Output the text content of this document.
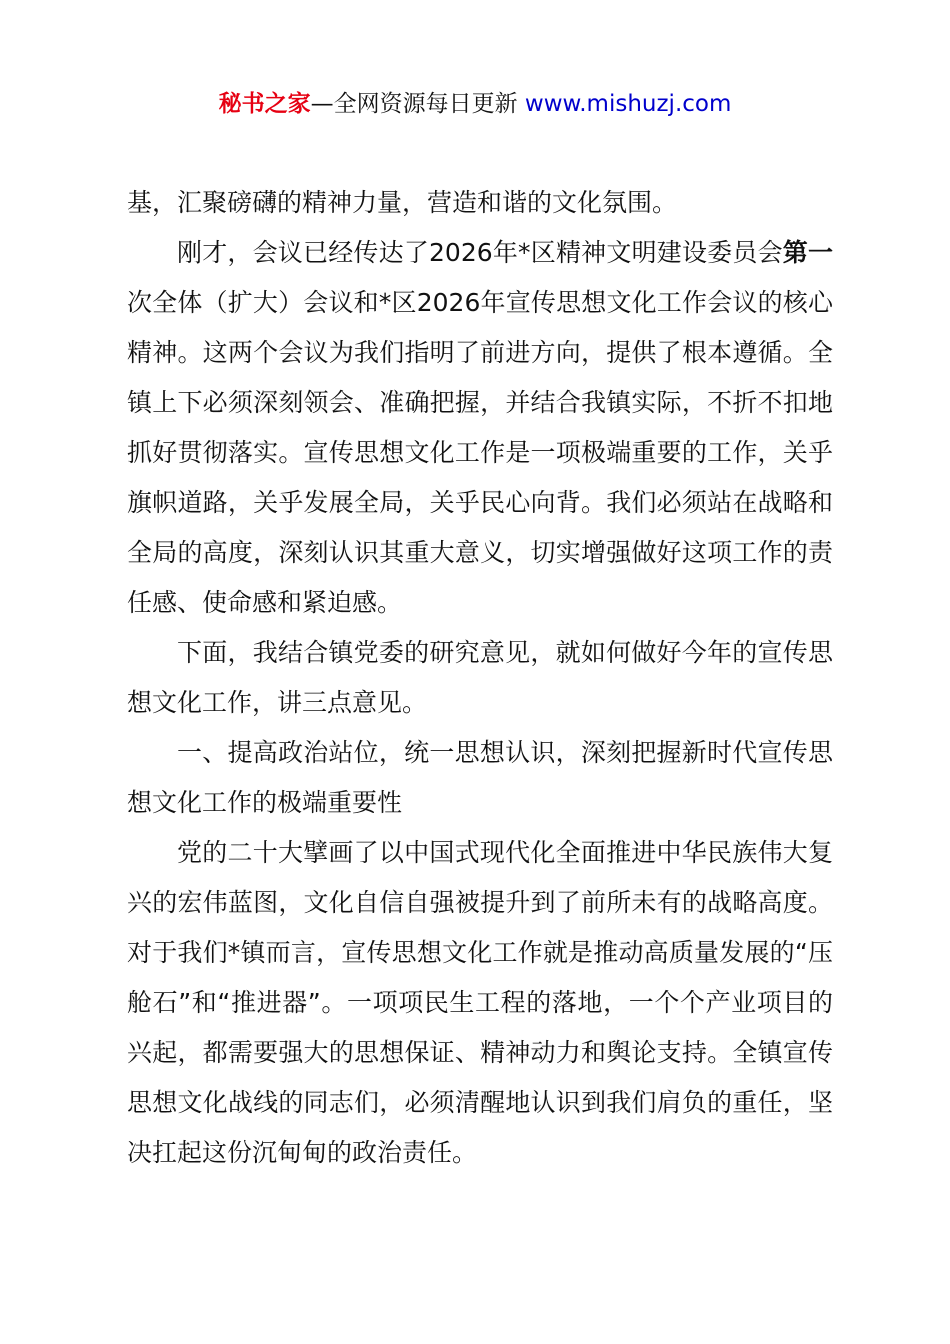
秘书之家—全网资源每日更新 www.mishuzj.com

基，汇聚磅礴的精神力量，营造和谐的文化氛围。

刚才，会议已经传达了2026年*区精神文明建设委员会第一次全体（扩大）会议和*区2026年宣传思想文化工作会议的核心精神。这两个会议为我们指明了前进方向，提供了根本遵循。全镇上下必须深刻领会、准确把握，并结合我镇实际，不折不扣地抓好贯彻落实。宣传思想文化工作是一项极端重要的工作，关乎旗帜道路，关乎发展全局，关乎民心向背。我们必须站在战略和全局的高度，深刻认识其重大意义，切实增强做好这项工作的责任感、使命感和紧迫感。

下面，我结合镇党委的研究意见，就如何做好今年的宣传思想文化工作，讲三点意见。

一、提高政治站位，统一思想认识，深刻把握新时代宣传思想文化工作的极端重要性

党的二十大擘画了以中国式现代化全面推进中华民族伟大复兴的宏伟蓝图，文化自信自强被提升到了前所未有的战略高度。对于我们*镇而言，宣传思想文化工作就是推动高质量发展的“压舱石”和“推进器”。一项项民生工程的落地，一个个产业项目的兴起，都需要强大的思想保证、精神动力和舆论支持。全镇宣传思想文化战线的同志们，必须清醒地认识到我们肩负的重任，坚决扛起这份沉甸甸的政治责任。
